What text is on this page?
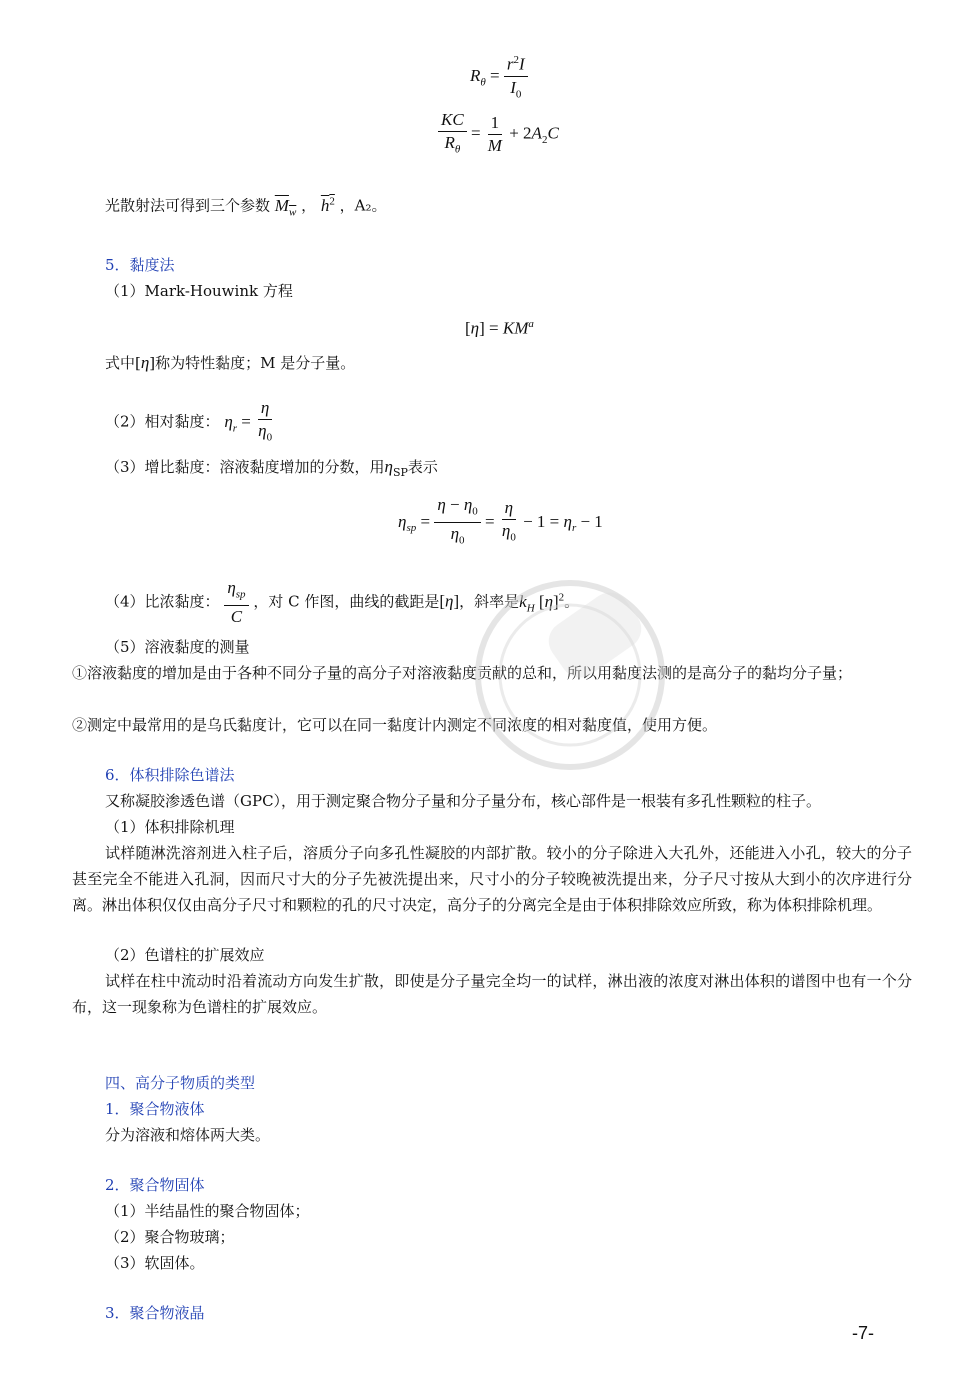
$R_\theta = \frac{r^2I}{I_0}$
$\frac{KC}{R_\theta} = \frac{1}{M} + 2A_2C$
光散射法可得到三个参数 $M_w$ ， $h^2$ ，A₂。
5．黏度法
（1）Mark-Houwink 方程
$[\eta] = KM^a$
式中[η]称为特性黏度；M 是分子量。
（2）相对黏度： $\eta_r = \frac{\eta}{\eta_0}$
（3）增比黏度：溶液黏度增加的分数，用$\eta_{SP}$表示
$\eta_{sp} = \frac{\eta - \eta_0}{\eta_0} = \frac{\eta}{\eta_0} - 1 = \eta_r - 1$
（4）比浓黏度： $\frac{\eta_{sp}}{C}$ ，对 C 作图，曲线的截距是[η]，斜率是$k_H$ $[\eta]^2$。
（5）溶液黏度的测量
①溶液黏度的增加是由于各种不同分子量的高分子对溶液黏度贡献的总和，所以用黏度法测的是高分子的黏均分子量；
②测定中最常用的是乌氏黏度计，它可以在同一黏度计内测定不同浓度的相对黏度值，使用方便。
6．体积排除色谱法
又称凝胶渗透色谱（GPC），用于测定聚合物分子量和分子量分布，核心部件是一根装有多孔性颗粒的柱子。
（1）体积排除机理
试样随淋洗溶剂进入柱子后，溶质分子向多孔性凝胶的内部扩散。较小的分子除进入大孔外，还能进入小孔，较大的分子甚至完全不能进入孔洞，因而尺寸大的分子先被洗提出来，尺寸小的分子较晚被洗提出来，分子尺寸按从大到小的次序进行分离。淋出体积仅仅由高分子尺寸和颗粒的孔的尺寸决定，高分子的分离完全是由于体积排除效应所致，称为体积排除机理。
（2）色谱柱的扩展效应
试样在柱中流动时沿着流动方向发生扩散，即使是分子量完全均一的试样，淋出液的浓度对淋出体积的谱图中也有一个分布，这一现象称为色谱柱的扩展效应。
四、高分子物质的类型
1．聚合物液体
分为溶液和熔体两大类。
2．聚合物固体
（1）半结晶性的聚合物固体；
（2）聚合物玻璃；
（3）软固体。
3．聚合物液晶
-7-
